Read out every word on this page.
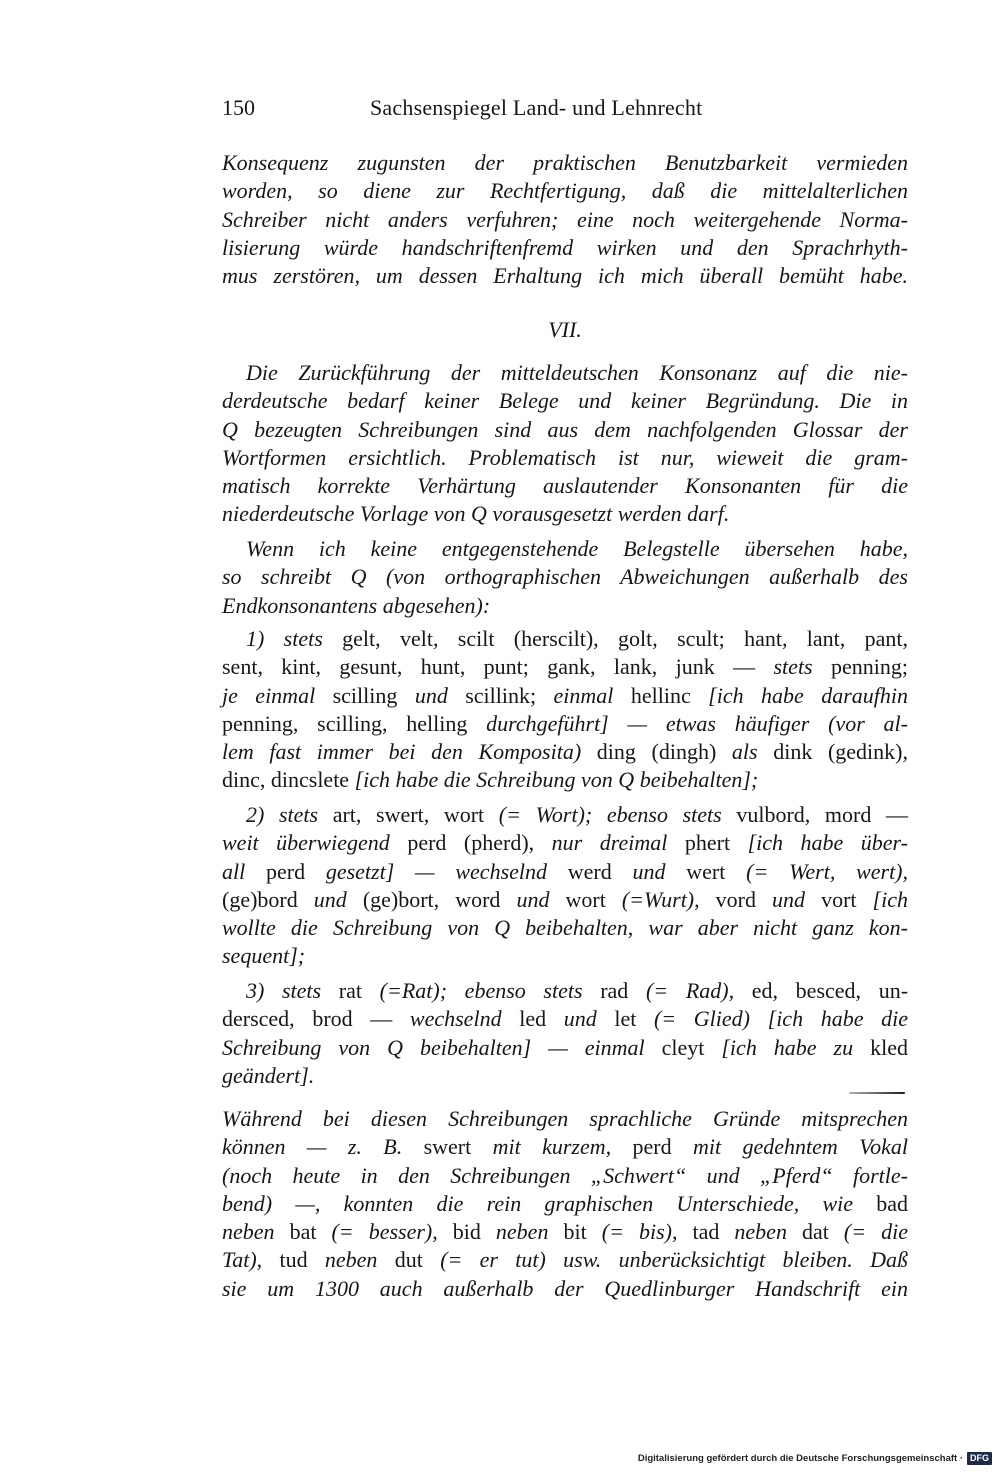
150	Sachsenspiegel Land- und Lehnrecht
Konsequenz zugunsten der praktischen Benutzbarkeit vermieden
worden, so diene zur Rechtfertigung, daß die mittelalterlichen
Schreiber nicht anders verfuhren; eine noch weitergehende Norma-
lisierung würde handschriftenfremd wirken und den Sprachrhyth-
mus zerstören, um dessen Erhaltung ich mich überall bemüht habe.
VII.
Die Zurückführung der mitteldeutschen Konsonanz auf die nie-
derdeutsche bedarf keiner Belege und keiner Begründung. Die in
Q bezeugten Schreibungen sind aus dem nachfolgenden Glossar der
Wortformen ersichtlich. Problematisch ist nur, wieweit die gram-
matisch korrekte Verhärtung auslautender Konsonanten für die
niederdeutsche Vorlage von Q vorausgesetzt werden darf.
Wenn ich keine entgegenstehende Belegstelle übersehen habe,
so schreibt Q (von orthographischen Abweichungen außerhalb des
Endkonsonantens abgesehen):
1) stets gelt, velt, scilt (herscilt), golt, scult; hant, lant, pant,
sent, kint, gesunt, hunt, punt; gank, lank, junk — stets penning;
je einmal scilling und scillink; einmal hellinc [ich habe daraufhin
penning, scilling, helling durchgeführt] — etwas häufiger (vor al-
lem fast immer bei den Komposita) ding (dingh) als dink (gedink),
dinc, dincslete [ich habe die Schreibung von Q beibehalten];
2) stets art, swert, wort (= Wort); ebenso stets vulbord, mord —
weit überwiegend perd (pherd), nur dreimal phert [ich habe über-
all perd gesetzt] — wechselnd werd und wert (= Wert, wert),
(ge)bord und (ge)bort, word und wort (=Wurt), vord und vort [ich
wollte die Schreibung von Q beibehalten, war aber nicht ganz kon-
sequent];
3) stets rat (=Rat); ebenso stets rad (= Rad), ed, besced, un-
dersced, brod — wechselnd led und let (= Glied) [ich habe die
Schreibung von Q beibehalten] — einmal cleyt [ich habe zu kled
geändert].
Während bei diesen Schreibungen sprachliche Gründe mitsprechen
können — z. B. swert mit kurzem, perd mit gedehntem Vokal
(noch heute in den Schreibungen „Schwert“ und „Pferd“ fortle-
bend) —, konnten die rein graphischen Unterschiede, wie bad
neben bat (= besser), bid neben bit (= bis), tad neben dat (= die
Tat), tud neben dut (= er tut) usw. unberücksichtigt bleiben. Daß
sie um 1300 auch außerhalb der Quedlinburger Handschrift ein
Digitalisierung gefördert durch die Deutsche Forschungsgemeinschaft · DFG
